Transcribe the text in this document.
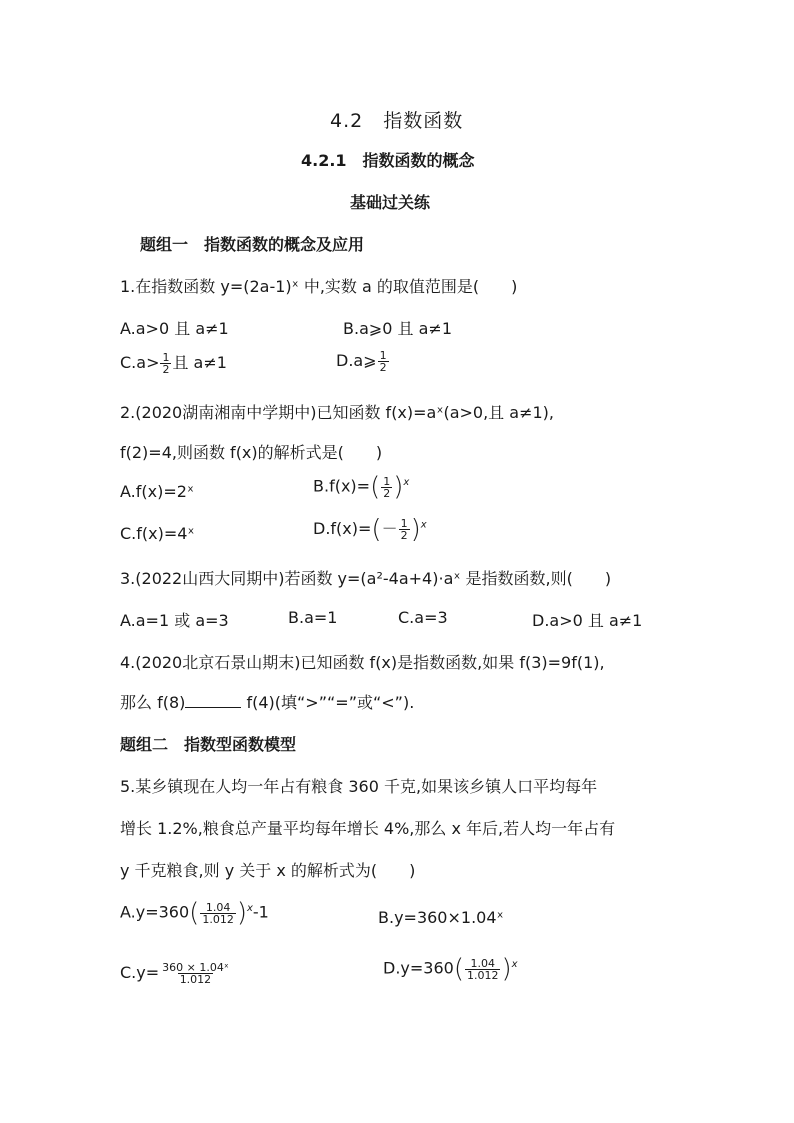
4.2　指数函数
4.2.1　指数函数的概念
基础过关练
题组一　指数函数的概念及应用
1.在指数函数 y=(2a-1)ˣ 中,实数 a 的取值范围是(　　)
A.a>0 且 a≠1	B.a⩾0 且 a≠1
$C.a> \frac{1}{2}$ 且 a≠1	D.a⩾ $\frac{1}{2}$
2.(2020湖南湘南中学期中)已知函数 f(x)=aˣ(a>0,且 a≠1),
f(2)=4,则函数 f(x)的解析式是(　　)
A.f(x)=2ˣ	$B.f(x)=( \frac{1}{2} )^x$
C.f(x)=4ˣ	$D.f(x)=(- \frac{1}{2} )^x$
3.(2022山西大同期中)若函数 y=(a²-4a+4)·aˣ 是指数函数,则(　　)
A.a=1 或 a=3	B.a=1	C.a=3	D.a>0 且 a≠1
4.(2020北京石景山期末)已知函数 f(x)是指数函数,如果 f(3)=9f(1),
那么 f(8)	f(4)(填“>”“=”或“<”).
题组二　指数型函数模型
5.某乡镇现在人均一年占有粮食 360 千克,如果该乡镇人口平均每年
增长 1.2%,粮食总产量平均每年增长 4%,那么 x 年后,若人均一年占有
y 千克粮食,则 y 关于 x 的解析式为(　　)
$A.y=360( \frac{1.04}{1.012} )^x-1$	B.y=360×1.04ˣ
$C.y= \frac{\text{360 × 1.04ˣ}}{1.012}$	$D.y=360( \frac{1.04}{1.012} )^x$
